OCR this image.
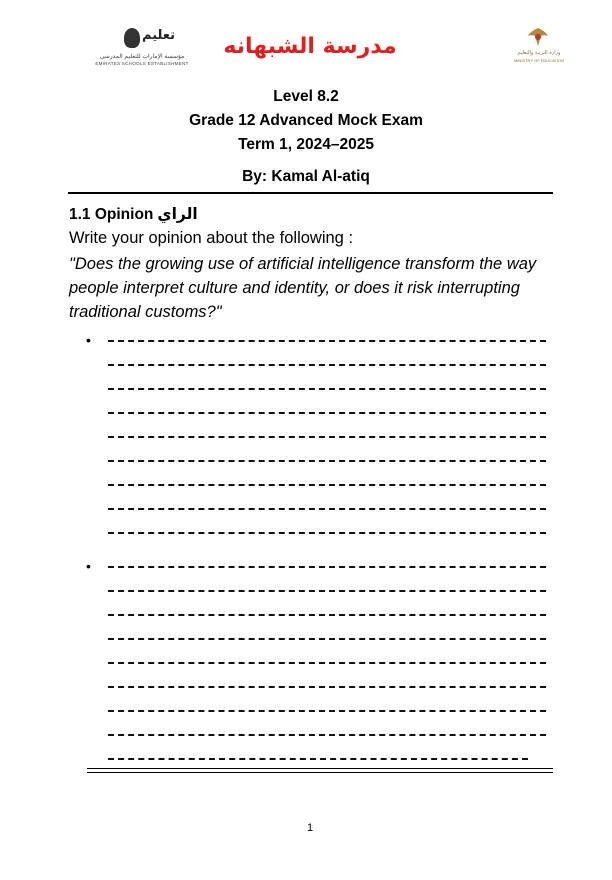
تعليم
مؤسسة الإمارات للتعليم المدرسي
EMIRATES SCHOOLS ESTABLISHMENT
مدرسة الشبهانه	وزارة التربية والتعليم
MINISTRY OF EDUCATION
Level 8.2
Grade 12 Advanced Mock Exam
Term 1, 2024–2025
By: Kamal Al-atiq
1.1 Opinion الراي
Write your opinion about the following :
"Does the growing use of artificial intelligence transform the way people interpret culture and identity, or does it risk interrupting traditional customs?"
•
•
1
